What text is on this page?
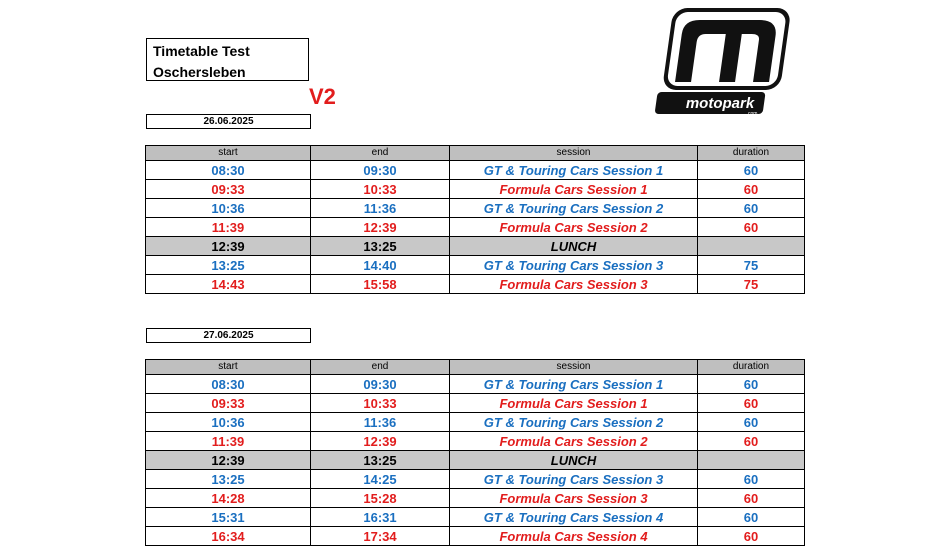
Timetable Test
Oschersleben
V2	motopark
.com
26.06.2025
start	end	session	duration
08:30	09:30	GT & Touring Cars Session 1	60
09:33	10:33	Formula Cars Session 1	60
10:36	11:36	GT & Touring Cars Session 2	60
11:39	12:39	Formula Cars Session 2	60
12:39	13:25	LUNCH	
13:25	14:40	GT & Touring Cars Session 3	75
14:43	15:58	Formula Cars Session 3	75
27.06.2025
start	end	session	duration
08:30	09:30	GT & Touring Cars Session 1	60
09:33	10:33	Formula Cars Session 1	60
10:36	11:36	GT & Touring Cars Session 2	60
11:39	12:39	Formula Cars Session 2	60
12:39	13:25	LUNCH	
13:25	14:25	GT & Touring Cars Session 3	60
14:28	15:28	Formula Cars Session 3	60
15:31	16:31	GT & Touring Cars Session 4	60
16:34	17:34	Formula Cars Session 4	60
